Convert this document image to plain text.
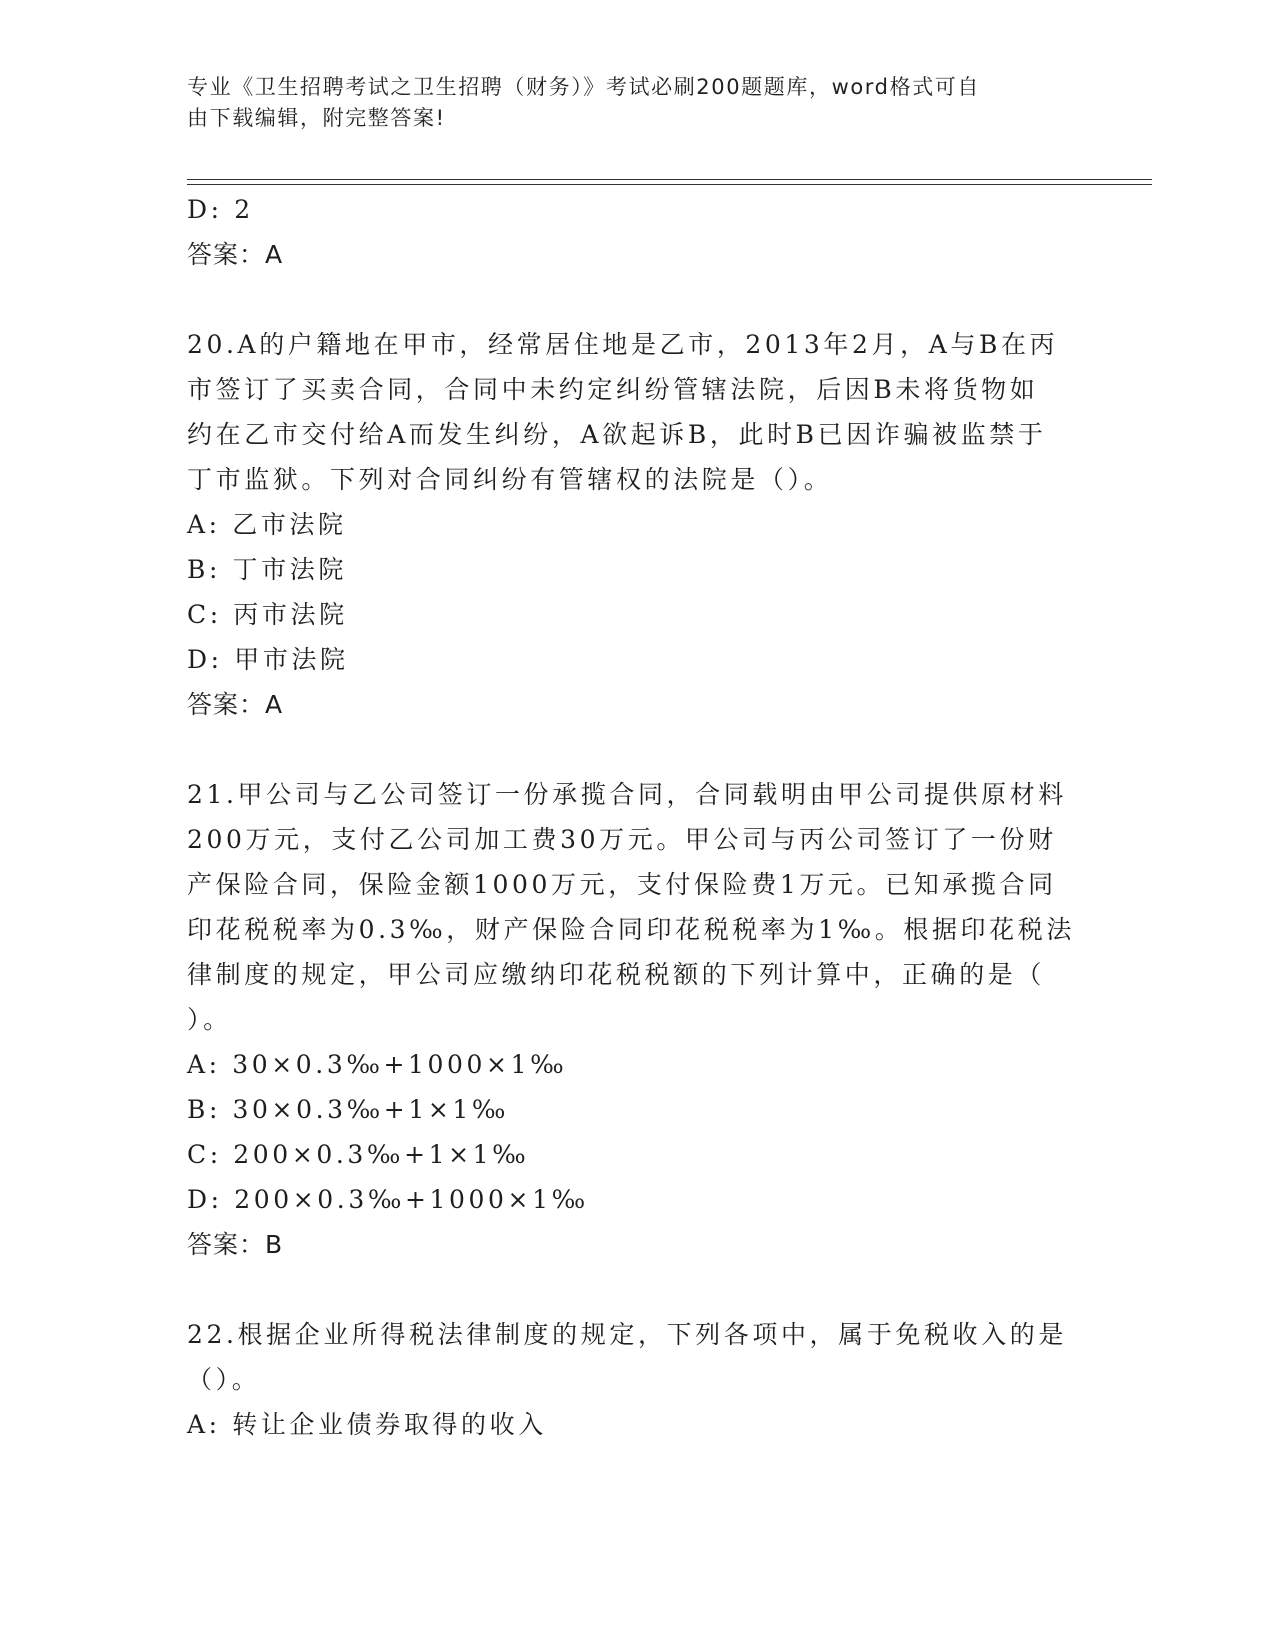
专业《卫生招聘考试之卫生招聘（财务）》考试必刷200题题库，word格式可自
由下载编辑，附完整答案!
D: 2
答案：A
20.A的户籍地在甲市，经常居住地是乙市，2013年2月，A与B在丙
市签订了买卖合同，合同中未约定纠纷管辖法院，后因B未将货物如
约在乙市交付给A而发生纠纷，A欲起诉B，此时B已因诈骗被监禁于
丁市监狱。下列对合同纠纷有管辖权的法院是（）。
A: 乙市法院
B: 丁市法院
C: 丙市法院
D: 甲市法院
答案：A
21.甲公司与乙公司签订一份承揽合同，合同载明由甲公司提供原材料
200万元，支付乙公司加工费30万元。甲公司与丙公司签订了一份财
产保险合同，保险金额1000万元，支付保险费1万元。已知承揽合同
印花税税率为0.3‰，财产保险合同印花税税率为1‰。根据印花税法
律制度的规定，甲公司应缴纳印花税税额的下列计算中，正确的是（
）。
A: 30×0.3‰+1000×1‰
B: 30×0.3‰+1×1‰
C: 200×0.3‰+1×1‰
D: 200×0.3‰+1000×1‰
答案：B
22.根据企业所得税法律制度的规定，下列各项中，属于免税收入的是
（）。
A: 转让企业债券取得的收入
